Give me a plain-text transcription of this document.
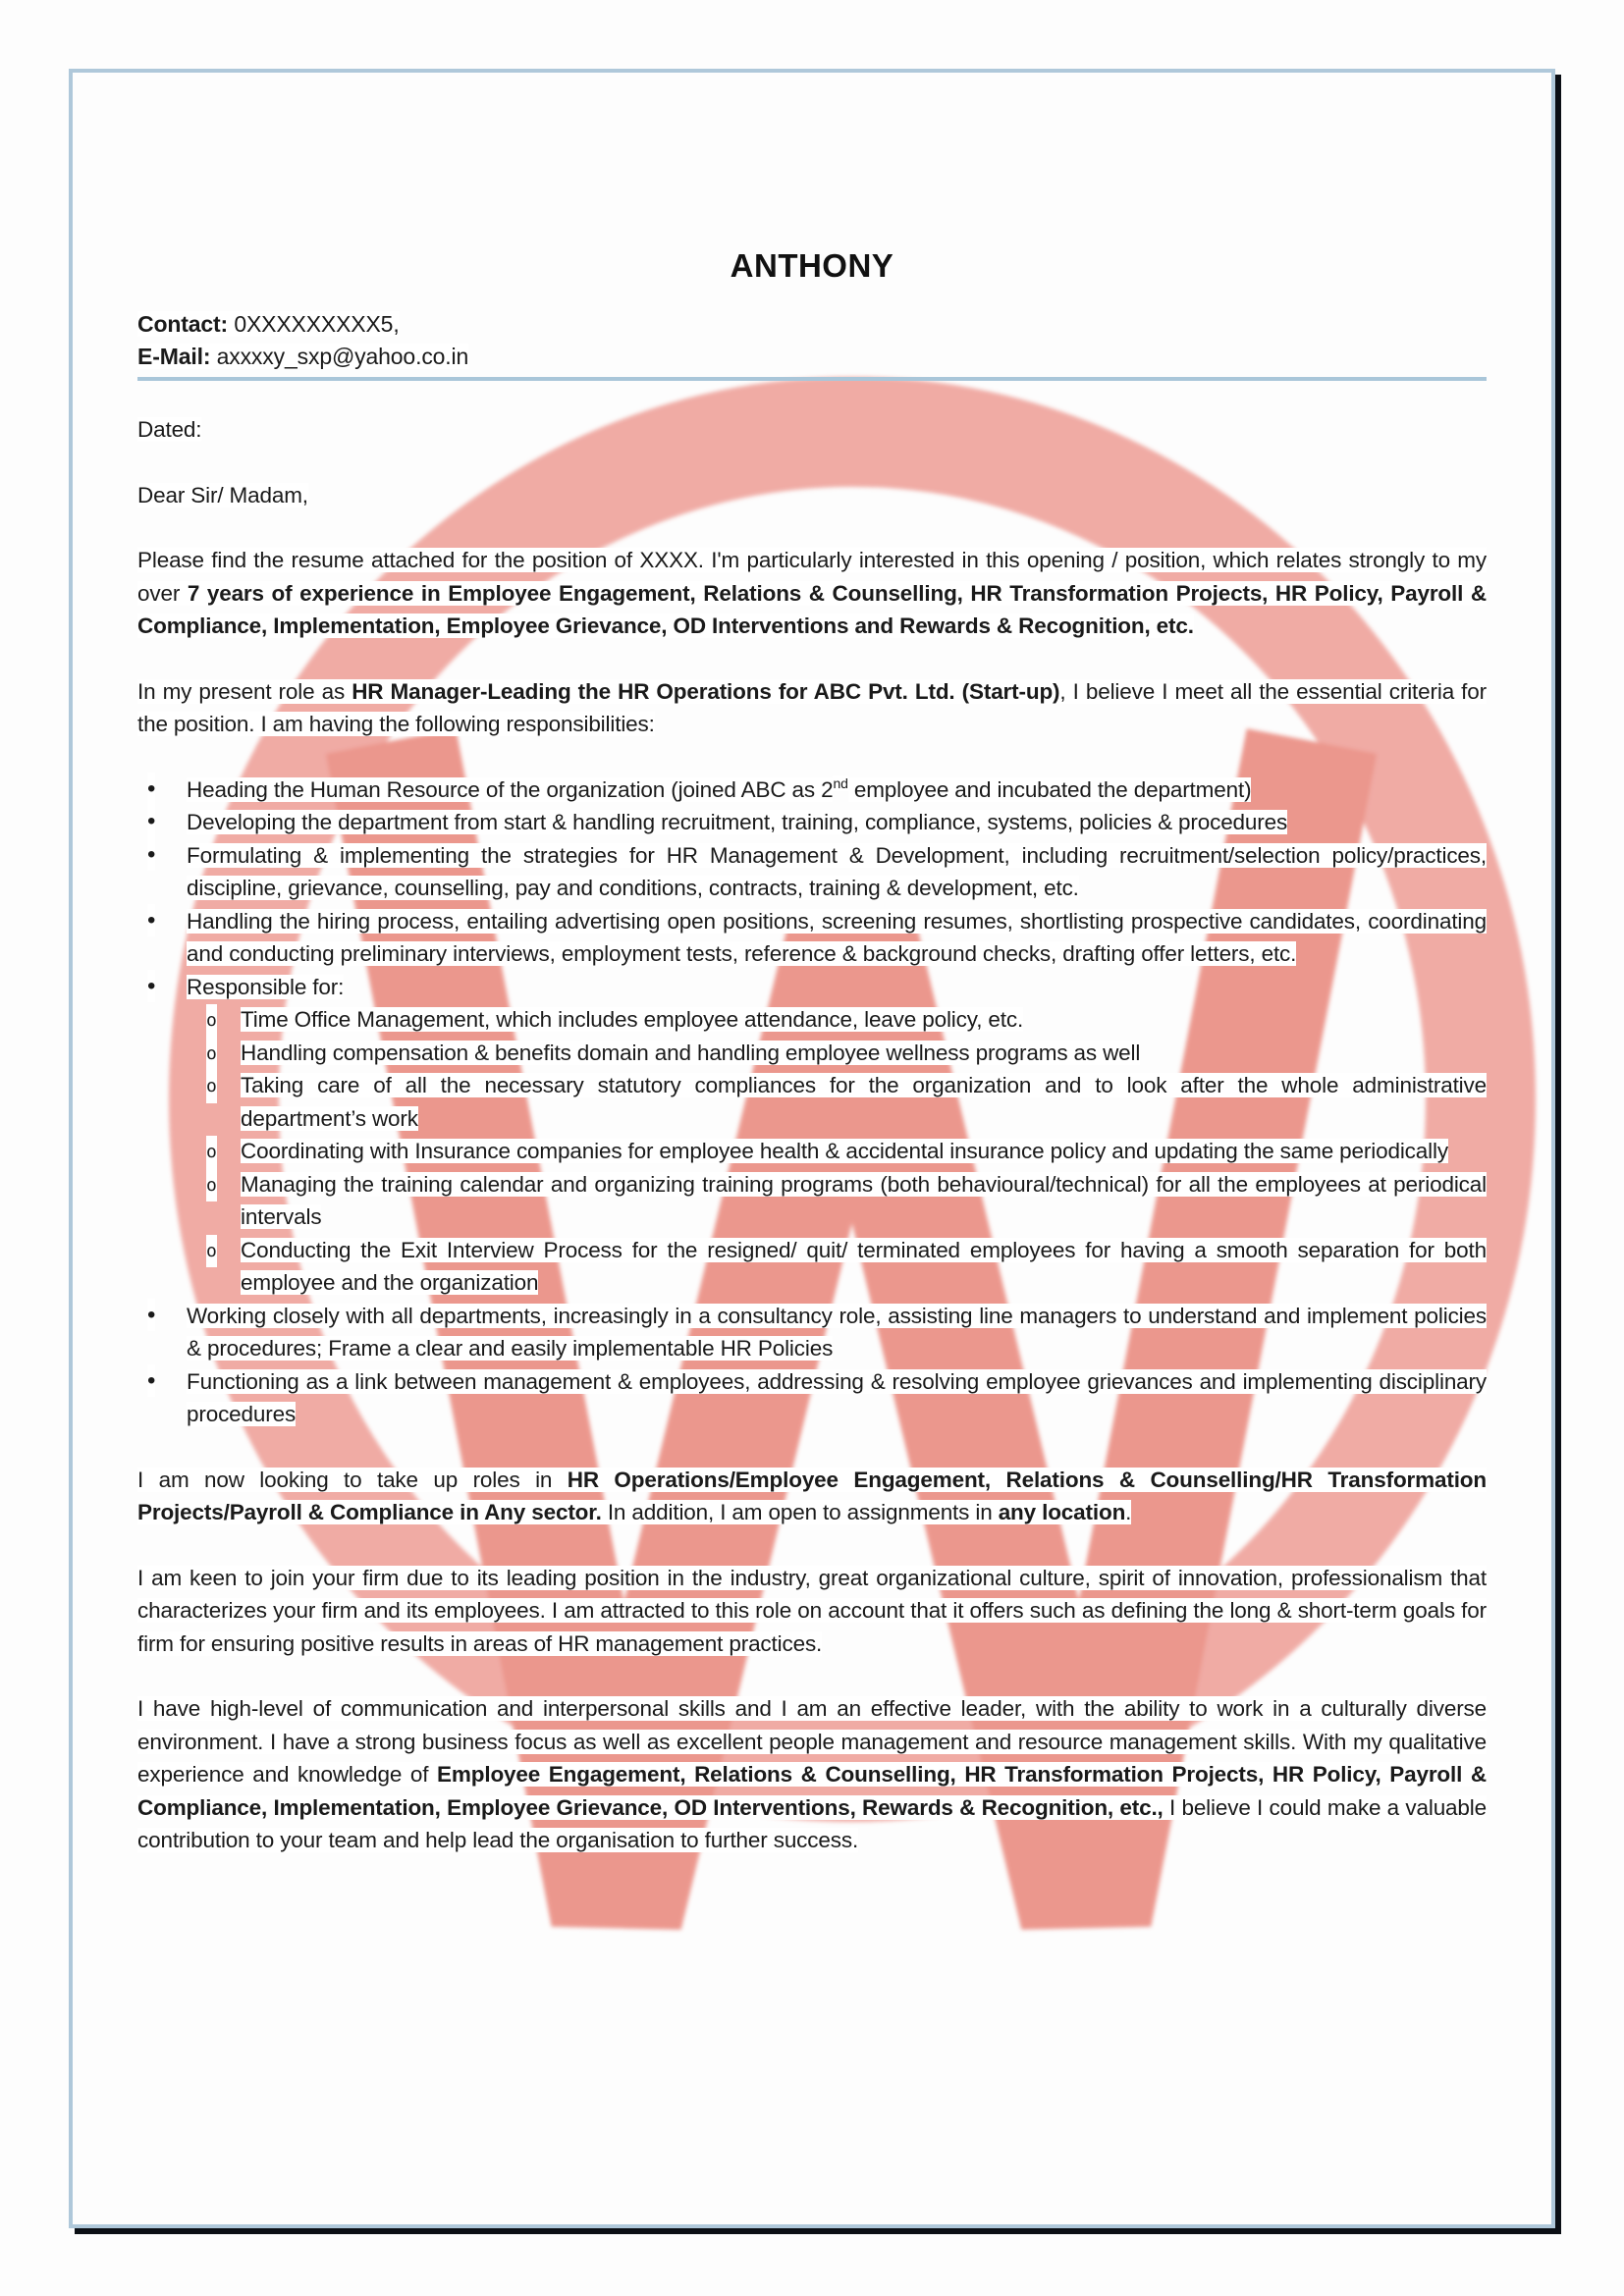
ANTHONY
Contact: 0XXXXXXXXX5,
E-Mail: axxxxy_sxp@yahoo.co.in

Dated:

Dear Sir/ Madam,

Please find the resume attached for the position of XXXX. I'm particularly interested in this opening / position, which relates strongly to my over 7 years of experience in Employee Engagement, Relations & Counselling, HR Transformation Projects, HR Policy, Payroll & Compliance, Implementation, Employee Grievance, OD Interventions and Rewards & Recognition, etc.

In my present role as HR Manager-Leading the HR Operations for ABC Pvt. Ltd. (Start-up), I believe I meet all the essential criteria for the position. I am having the following responsibilities:

• Heading the Human Resource of the organization (joined ABC as 2nd employee and incubated the department)
• Developing the department from start & handling recruitment, training, compliance, systems, policies & procedures
• Formulating & implementing the strategies for HR Management & Development, including recruitment/selection policy/practices, discipline, grievance, counselling, pay and conditions, contracts, training & development, etc.
• Handling the hiring process, entailing advertising open positions, screening resumes, shortlisting prospective candidates, coordinating and conducting preliminary interviews, employment tests, reference & background checks, drafting offer letters, etc.
• Responsible for:
o Time Office Management, which includes employee attendance, leave policy, etc.
o Handling compensation & benefits domain and handling employee wellness programs as well
o Taking care of all the necessary statutory compliances for the organization and to look after the whole administrative department’s work
o Coordinating with Insurance companies for employee health & accidental insurance policy and updating the same periodically
o Managing the training calendar and organizing training programs (both behavioural/technical) for all the employees at periodical intervals
o Conducting the Exit Interview Process for the resigned/ quit/ terminated employees for having a smooth separation for both employee and the organization
• Working closely with all departments, increasingly in a consultancy role, assisting line managers to understand and implement policies & procedures; Frame a clear and easily implementable HR Policies
• Functioning as a link between management & employees, addressing & resolving employee grievances and implementing disciplinary procedures

I am now looking to take up roles in HR Operations/Employee Engagement, Relations & Counselling/HR Transformation Projects/Payroll & Compliance in Any sector. In addition, I am open to assignments in any location.

I am keen to join your firm due to its leading position in the industry, great organizational culture, spirit of innovation, professionalism that characterizes your firm and its employees. I am attracted to this role on account that it offers such as defining the long & short-term goals for firm for ensuring positive results in areas of HR management practices.

I have high-level of communication and interpersonal skills and I am an effective leader, with the ability to work in a culturally diverse environment. I have a strong business focus as well as excellent people management and resource management skills. With my qualitative experience and knowledge of Employee Engagement, Relations & Counselling, HR Transformation Projects, HR Policy, Payroll & Compliance, Implementation, Employee Grievance, OD Interventions, Rewards & Recognition, etc., I believe I could make a valuable contribution to your team and help lead the organisation to further success.
